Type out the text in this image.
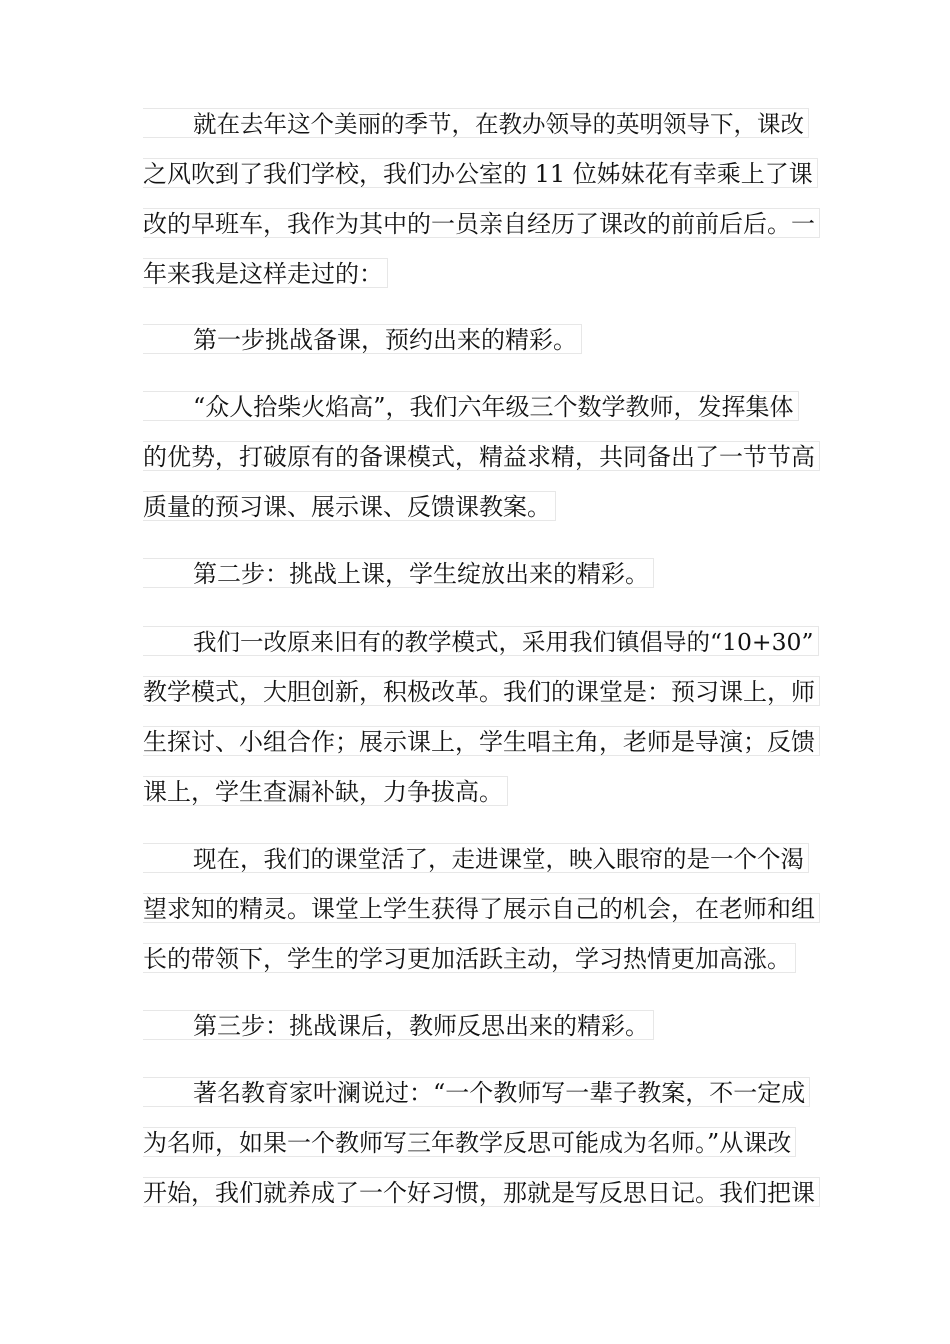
就在去年这个美丽的季节，在教办领导的英明领导下，课改
之风吹到了我们学校，我们办公室的 11 位姊妹花有幸乘上了课
改的早班车，我作为其中的一员亲自经历了课改的前前后后。一
年来我是这样走过的：
第一步挑战备课，预约出来的精彩。
“众人拾柴火焰高”，我们六年级三个数学教师，发挥集体
的优势，打破原有的备课模式，精益求精，共同备出了一节节高
质量的预习课、展示课、反馈课教案。
第二步：挑战上课，学生绽放出来的精彩。
我们一改原来旧有的教学模式，采用我们镇倡导的“10+30”
教学模式，大胆创新，积极改革。我们的课堂是：预习课上，师
生探讨、小组合作；展示课上，学生唱主角，老师是导演；反馈
课上，学生查漏补缺，力争拔高。
现在，我们的课堂活了，走进课堂，映入眼帘的是一个个渴
望求知的精灵。课堂上学生获得了展示自己的机会，在老师和组
长的带领下，学生的学习更加活跃主动，学习热情更加高涨。
第三步：挑战课后，教师反思出来的精彩。
著名教育家叶澜说过：“一个教师写一辈子教案，不一定成
为名师，如果一个教师写三年教学反思可能成为名师。”从课改
开始，我们就养成了一个好习惯，那就是写反思日记。我们把课
